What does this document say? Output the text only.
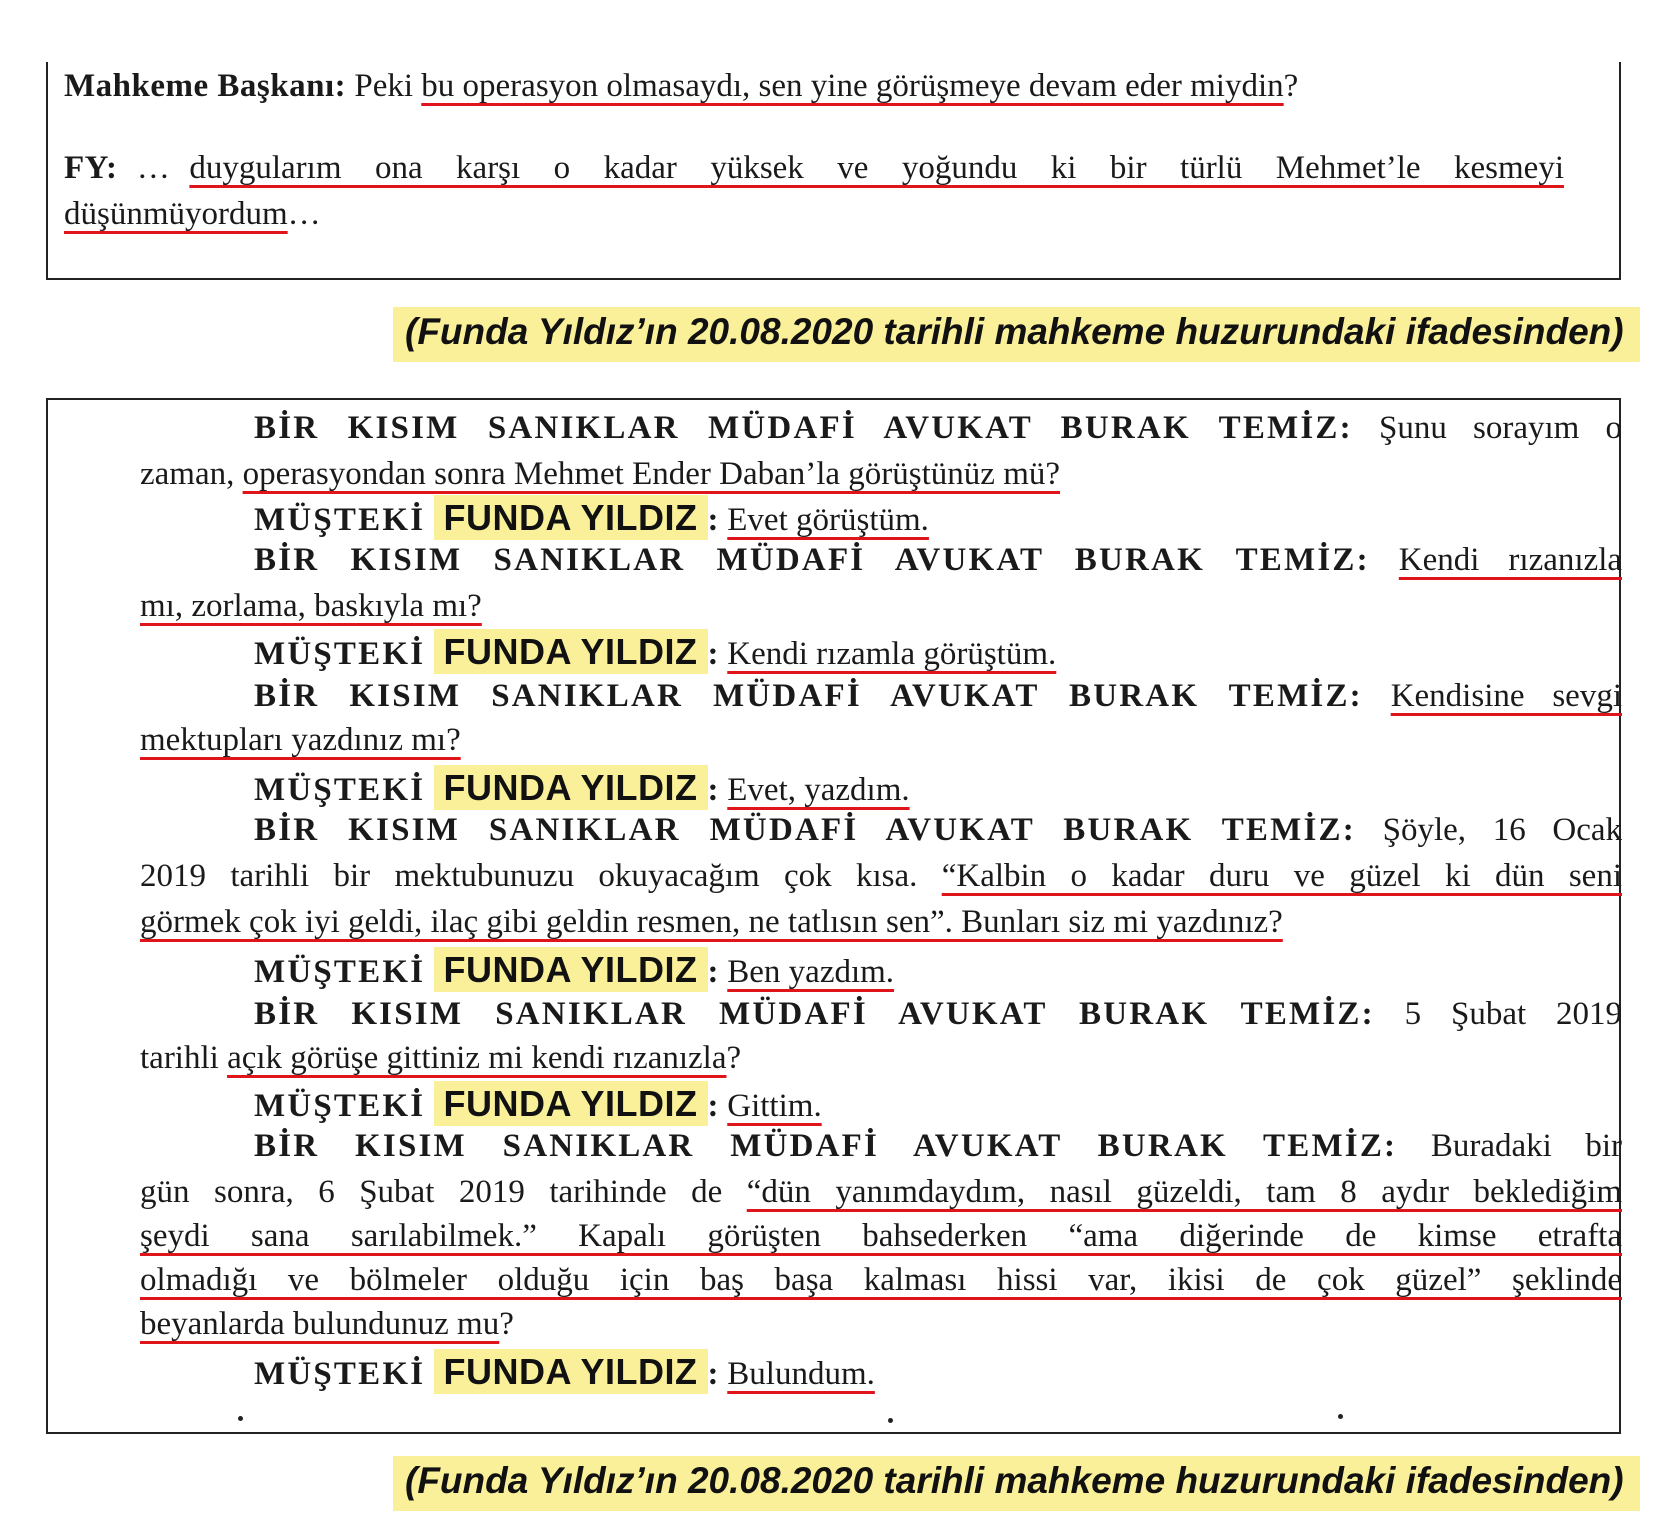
Mahkeme Başkanı: Peki bu operasyon olmasaydı, sen yine görüşmeye devam eder miydin?
FY: … duygularım ona karşı o kadar yüksek ve yoğundu ki bir türlü Mehmet’le kesmeyi
düşünmüyordum…
(Funda Yıldız’ın 20.08.2020 tarihli mahkeme huzurundaki ifadesinden)
BİR KISIM SANIKLAR MÜDAFİ AVUKAT BURAK TEMİZ: Şunu sorayım o
zaman, operasyondan sonra Mehmet Ender Daban’la görüştünüz mü?
MÜŞTEKİ FUNDA YILDIZ : Evet görüştüm.
BİR KISIM SANIKLAR MÜDAFİ AVUKAT BURAK TEMİZ: Kendi rızanızla
mı, zorlama, baskıyla mı?
MÜŞTEKİ FUNDA YILDIZ : Kendi rızamla görüştüm.
BİR KISIM SANIKLAR MÜDAFİ AVUKAT BURAK TEMİZ: Kendisine sevgi
mektupları yazdınız mı?
MÜŞTEKİ FUNDA YILDIZ : Evet, yazdım.
BİR KISIM SANIKLAR MÜDAFİ AVUKAT BURAK TEMİZ: Şöyle, 16 Ocak
2019 tarihli bir mektubunuzu okuyacağım çok kısa. “Kalbin o kadar duru ve güzel ki dün seni
görmek çok iyi geldi, ilaç gibi geldin resmen, ne tatlısın sen”. Bunları siz mi yazdınız?
MÜŞTEKİ FUNDA YILDIZ : Ben yazdım.
BİR KISIM SANIKLAR MÜDAFİ AVUKAT BURAK TEMİZ: 5 Şubat 2019
tarihli açık görüşe gittiniz mi kendi rızanızla?
MÜŞTEKİ FUNDA YILDIZ : Gittim.
BİR KISIM SANIKLAR MÜDAFİ AVUKAT BURAK TEMİZ: Buradaki bir
gün sonra, 6 Şubat 2019 tarihinde de “dün yanımdaydım, nasıl güzeldi, tam 8 aydır beklediğim
şeydi sana sarılabilmek.” Kapalı görüşten bahsederken “ama diğerinde de kimse etrafta
olmadığı ve bölmeler olduğu için baş başa kalması hissi var, ikisi de çok güzel” şeklinde
beyanlarda bulundunuz mu?
MÜŞTEKİ FUNDA YILDIZ : Bulundum.
(Funda Yıldız’ın 20.08.2020 tarihli mahkeme huzurundaki ifadesinden)
